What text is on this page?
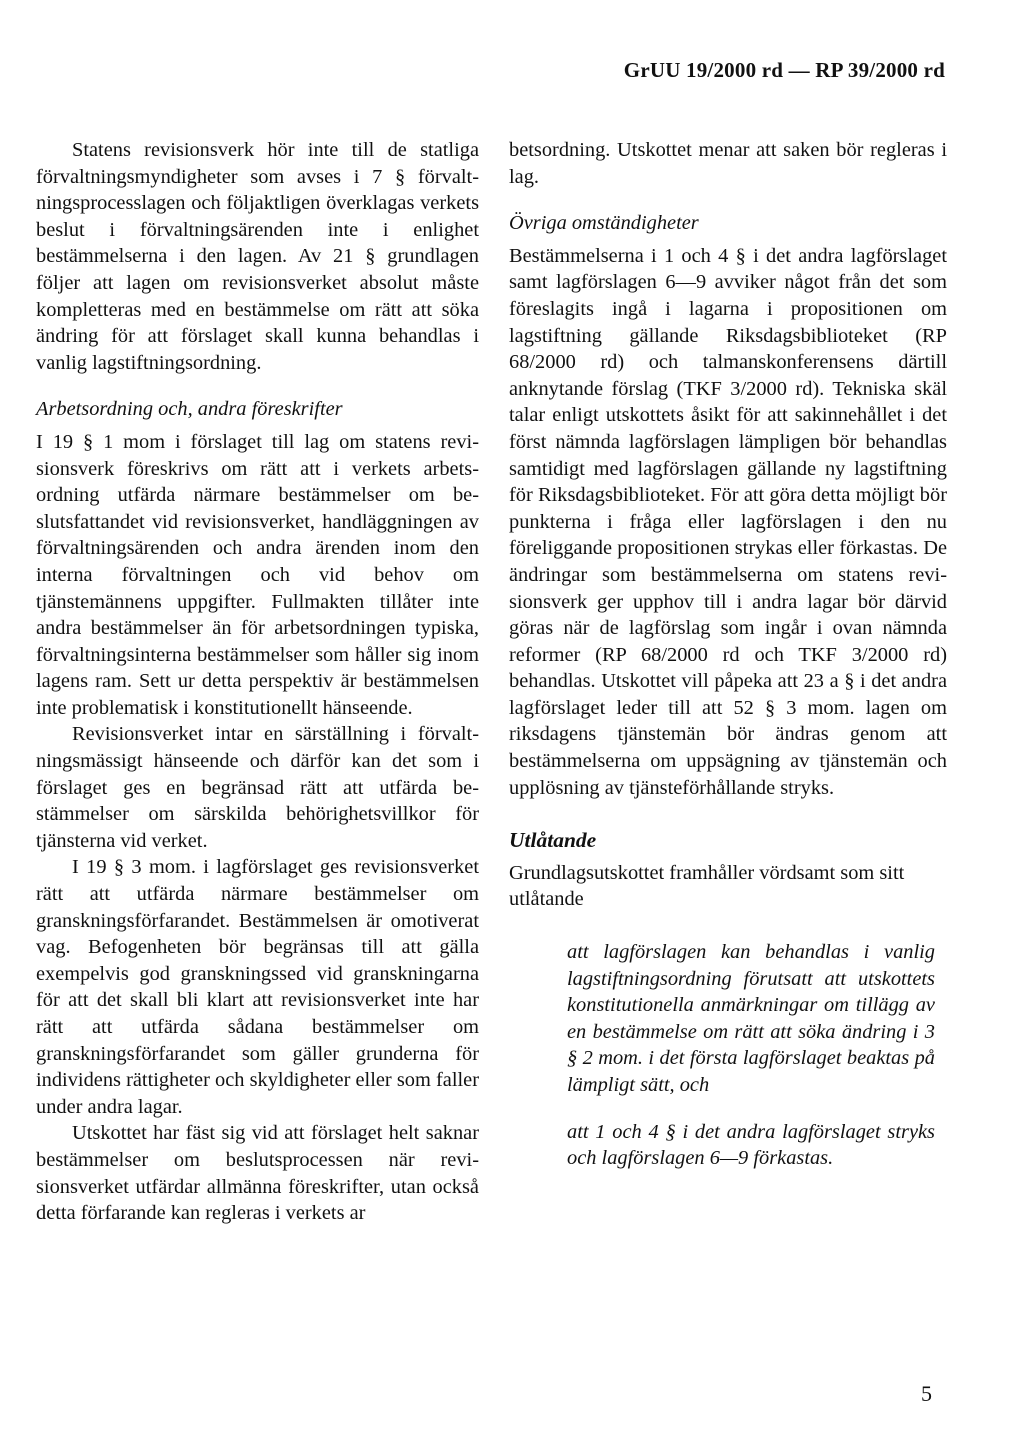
GrUU 19/2000 rd — RP 39/2000 rd

Statens revisionsverk hör inte till de statliga förvaltningsmyndigheter som avses i 7 § förvaltningsprocesslagen och följaktligen överklagas verkets beslut i förvaltningsärenden inte i enlighet bestämmelserna i den lagen. Av 21 § grundlagen följer att lagen om revisionsverket absolut måste kompletteras med en bestämmelse om rätt att söka ändring för att förslaget skall kunna behandlas i vanlig lagstiftningsordning.

Arbetsordning och, andra föreskrifter

I 19 § 1 mom i förslaget till lag om statens revisionsverk föreskrivs om rätt att i verkets arbetsordning utfärda närmare bestämmelser om beslutsfattandet vid revisionsverket, handläggningen av förvaltningsärenden och andra ärenden inom den interna förvaltningen och vid behov om tjänstemännens uppgifter. Fullmakten tillåter inte andra bestämmelser än för arbetsordningen typiska, förvaltningsinterna bestämmelser som håller sig inom lagens ram. Sett ur detta perspektiv är bestämmelsen inte problematisk i konstitutionellt hänseende.

Revisionsverket intar en särställning i förvaltningsmässigt hänseende och därför kan det som i förslaget ges en begränsad rätt att utfärda bestämmelser om särskilda behörighetsvillkor för tjänsterna vid verket.

I 19 § 3 mom. i lagförslaget ges revisionsverket rätt att utfärda närmare bestämmelser om granskningsförfarandet. Bestämmelsen är omotiverat vag. Befogenheten bör begränsas till att gälla exempelvis god granskningssed vid granskningarna för att det skall bli klart att revisionsverket inte har rätt att utfärda sådana bestämmelser om granskningsförfarandet som gäller grunderna för individens rättigheter och skyldigheter eller som faller under andra lagar.

Utskottet har fäst sig vid att förslaget helt saknar bestämmelser om beslutsprocessen när revisionsverket utfärdar allmänna föreskrifter, utan också detta förfarande kan regleras i verkets ar

betsordning. Utskottet menar att saken bör regleras i lag.

Övriga omständigheter

Bestämmelserna i 1 och 4 § i det andra lagförslaget samt lagförslagen 6—9 avviker något från det som föreslagits ingå i lagarna i propositionen om lagstiftning gällande Riksdagsbiblioteket (RP 68/2000 rd) och talmanskonferensens därtill anknytande förslag (TKF 3/2000 rd). Tekniska skäl talar enligt utskottets åsikt för att sakinnehållet i det först nämnda lagförslagen lämpligen bör behandlas samtidigt med lagförslagen gällande ny lagstiftning för Riksdagsbiblioteket. För att göra detta möjligt bör punkterna i fråga eller lagförslagen i den nu föreliggande propositionen strykas eller förkastas. De ändringar som bestämmelserna om statens revisionsverk ger upphov till i andra lagar bör därvid göras när de lagförslag som ingår i ovan nämnda reformer (RP 68/2000 rd och TKF 3/2000 rd) behandlas. Utskottet vill påpeka att 23 a § i det andra lagförslaget leder till att 52 § 3 mom. lagen om riksdagens tjänstemän bör ändras genom att bestämmelserna om uppsägning av tjänstemän och upplösning av tjänsteförhållande stryks.

Utlåtande

Grundlagsutskottet framhåller vördsamt som sitt utlåtande

att lagförslagen kan behandlas i vanlig lagstiftningsordning förutsatt att utskottets konstitutionella anmärkningar om tillägg av en bestämmelse om rätt att söka ändring i 3 § 2 mom. i det första lagförslaget beaktas på lämpligt sätt, och

att 1 och 4 § i det andra lagförslaget stryks och lagförslagen 6—9 förkastas.

5
